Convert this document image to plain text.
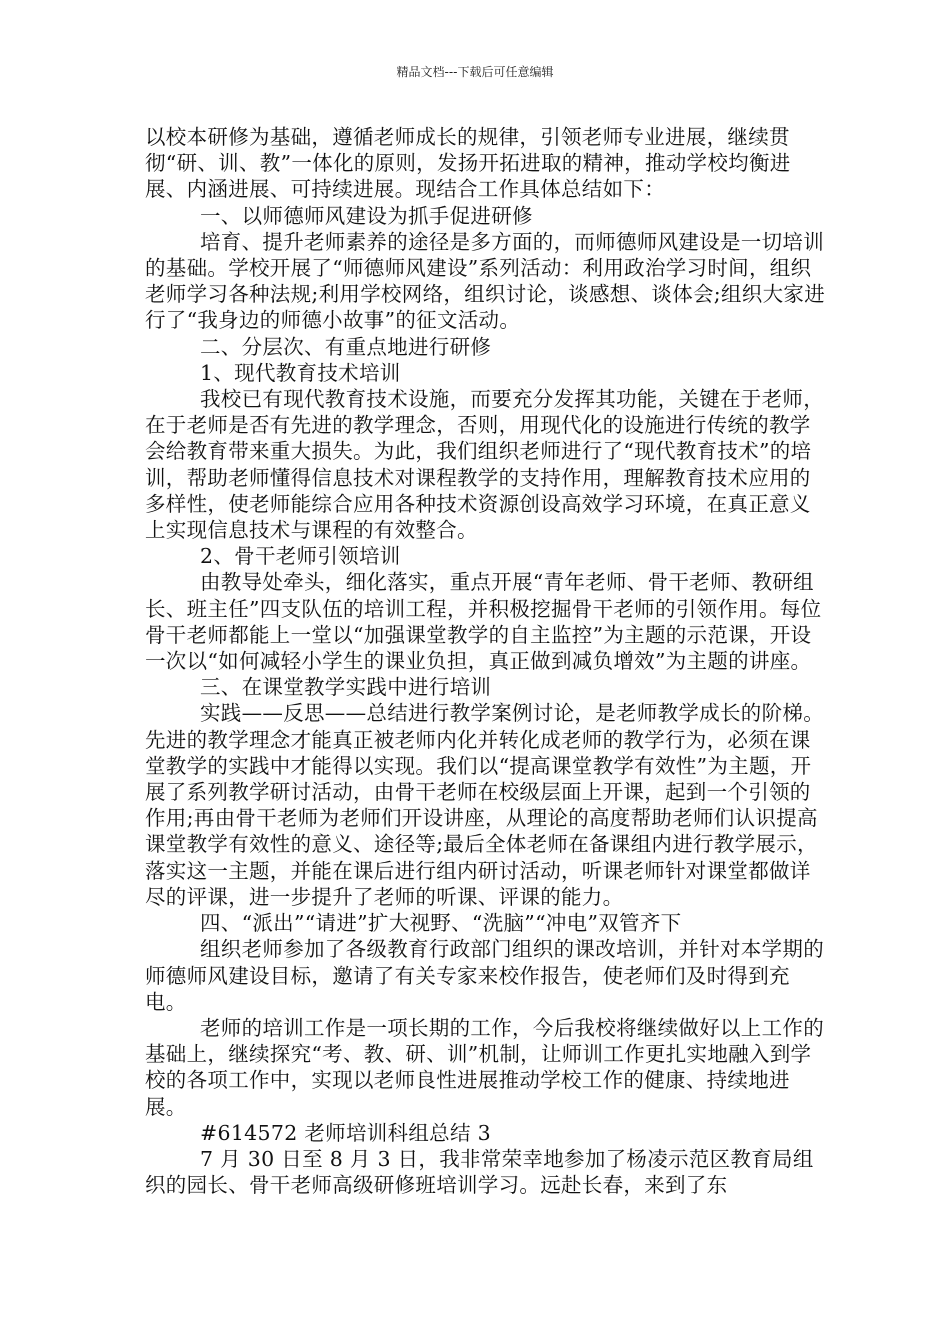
精品文档---下载后可任意编辑

以校本研修为基础，遵循老师成长的规律，引领老师专业进展，继续贯彻“研、训、教”一体化的原则，发扬开拓进取的精神，推动学校均衡进展、内涵进展、可持续进展。现结合工作具体总结如下：

一、以师德师风建设为抓手促进研修

培育、提升老师素养的途径是多方面的，而师德师风建设是一切培训的基础。学校开展了“师德师风建设”系列活动：利用政治学习时间，组织老师学习各种法规;利用学校网络，组织讨论，谈感想、谈体会;组织大家进行了“我身边的师德小故事”的征文活动。

二、分层次、有重点地进行研修

1、现代教育技术培训

我校已有现代教育技术设施，而要充分发挥其功能，关键在于老师，在于老师是否有先进的教学理念，否则，用现代化的设施进行传统的教学会给教育带来重大损失。为此，我们组织老师进行了“现代教育技术”的培训，帮助老师懂得信息技术对课程教学的支持作用，理解教育技术应用的多样性，使老师能综合应用各种技术资源创设高效学习环境，在真正意义上实现信息技术与课程的有效整合。

2、骨干老师引领培训

由教导处牵头，细化落实，重点开展“青年老师、骨干老师、教研组长、班主任”四支队伍的培训工程，并积极挖掘骨干老师的引领作用。每位骨干老师都能上一堂以“加强课堂教学的自主监控”为主题的示范课，开设一次以“如何减轻小学生的课业负担，真正做到减负增效”为主题的讲座。

三、在课堂教学实践中进行培训

实践——反思——总结进行教学案例讨论，是老师教学成长的阶梯。先进的教学理念才能真正被老师内化并转化成老师的教学行为，必须在课堂教学的实践中才能得以实现。我们以“提高课堂教学有效性”为主题，开展了系列教学研讨活动，由骨干老师在校级层面上开课，起到一个引领的作用;再由骨干老师为老师们开设讲座，从理论的高度帮助老师们认识提高课堂教学有效性的意义、途径等;最后全体老师在备课组内进行教学展示，落实这一主题，并能在课后进行组内研讨活动，听课老师针对课堂都做详尽的评课，进一步提升了老师的听课、评课的能力。

四、“派出”“请进”扩大视野、“洗脑”“冲电”双管齐下

组织老师参加了各级教育行政部门组织的课改培训，并针对本学期的师德师风建设目标，邀请了有关专家来校作报告，使老师们及时得到充电。

老师的培训工作是一项长期的工作，今后我校将继续做好以上工作的基础上，继续探究“考、教、研、训”机制，让师训工作更扎实地融入到学校的各项工作中，实现以老师良性进展推动学校工作的健康、持续地进展。

#614572 老师培训科组总结 3

7 月 30 日至 8 月 3 日，我非常荣幸地参加了杨凌示范区教育局组织的园长、骨干老师高级研修班培训学习。远赴长春，来到了东
